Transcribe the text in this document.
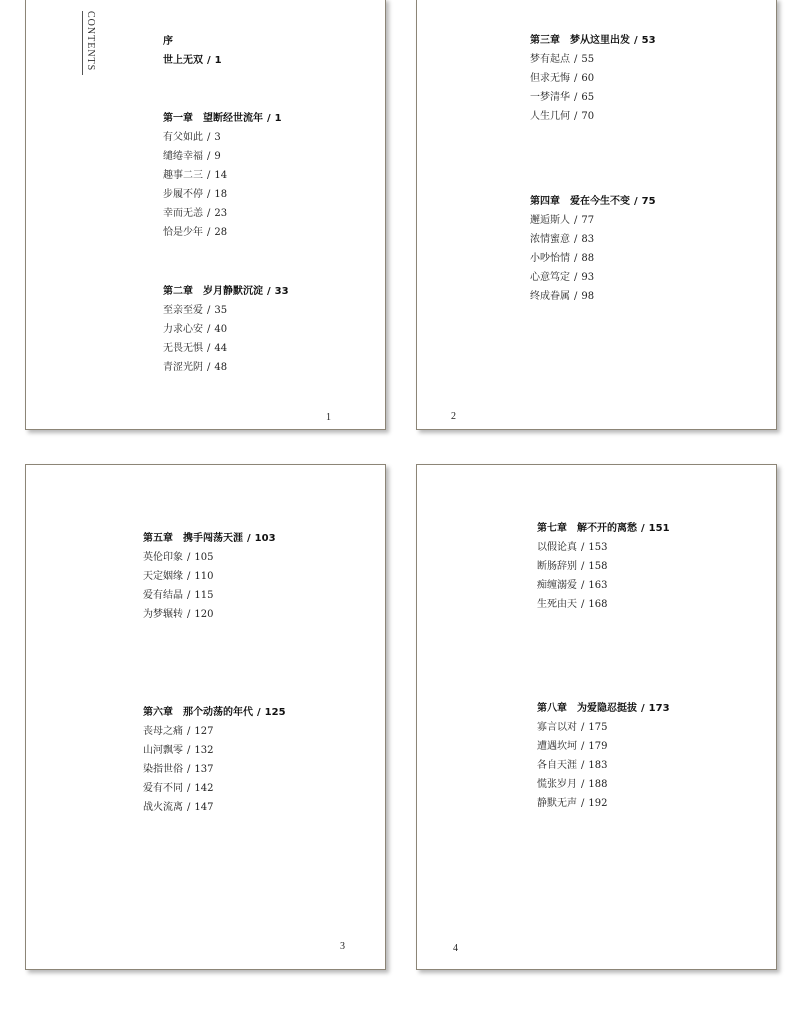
CONTENTS	序
世上无双 / 1
第一章　望断经世流年 / 1
有父如此 / 3
缱绻幸福 / 9
趣事二三 / 14
步履不停 / 18
幸而无恙 / 23
恰是少年 / 28
第二章　岁月静默沉淀 / 33
至亲至爱 / 35
力求心安 / 40
无畏无惧 / 44
青涩光阴 / 48
1
第三章　梦从这里出发 / 53
梦有起点 / 55
但求无悔 / 60
一梦清华 / 65
人生几何 / 70
第四章　爱在今生不变 / 75
邂逅斯人 / 77
浓情蜜意 / 83
小吵怡情 / 88
心意笃定 / 93
终成眷属 / 98
2
第五章　携手闯荡天涯 / 103
英伦印象 / 105
天定姻缘 / 110
爱有结晶 / 115
为梦辗转 / 120
第六章　那个动荡的年代 / 125
丧母之痛 / 127
山河飘零 / 132
染指世俗 / 137
爱有不同 / 142
战火流离 / 147
3
第七章　解不开的离愁 / 151
以假论真 / 153
断肠辞别 / 158
痴缠溺爱 / 163
生死由天 / 168
第八章　为爱隐忍挺拔 / 173
寡言以对 / 175
遭遇坎坷 / 179
各自天涯 / 183
慌张岁月 / 188
静默无声 / 192
4
